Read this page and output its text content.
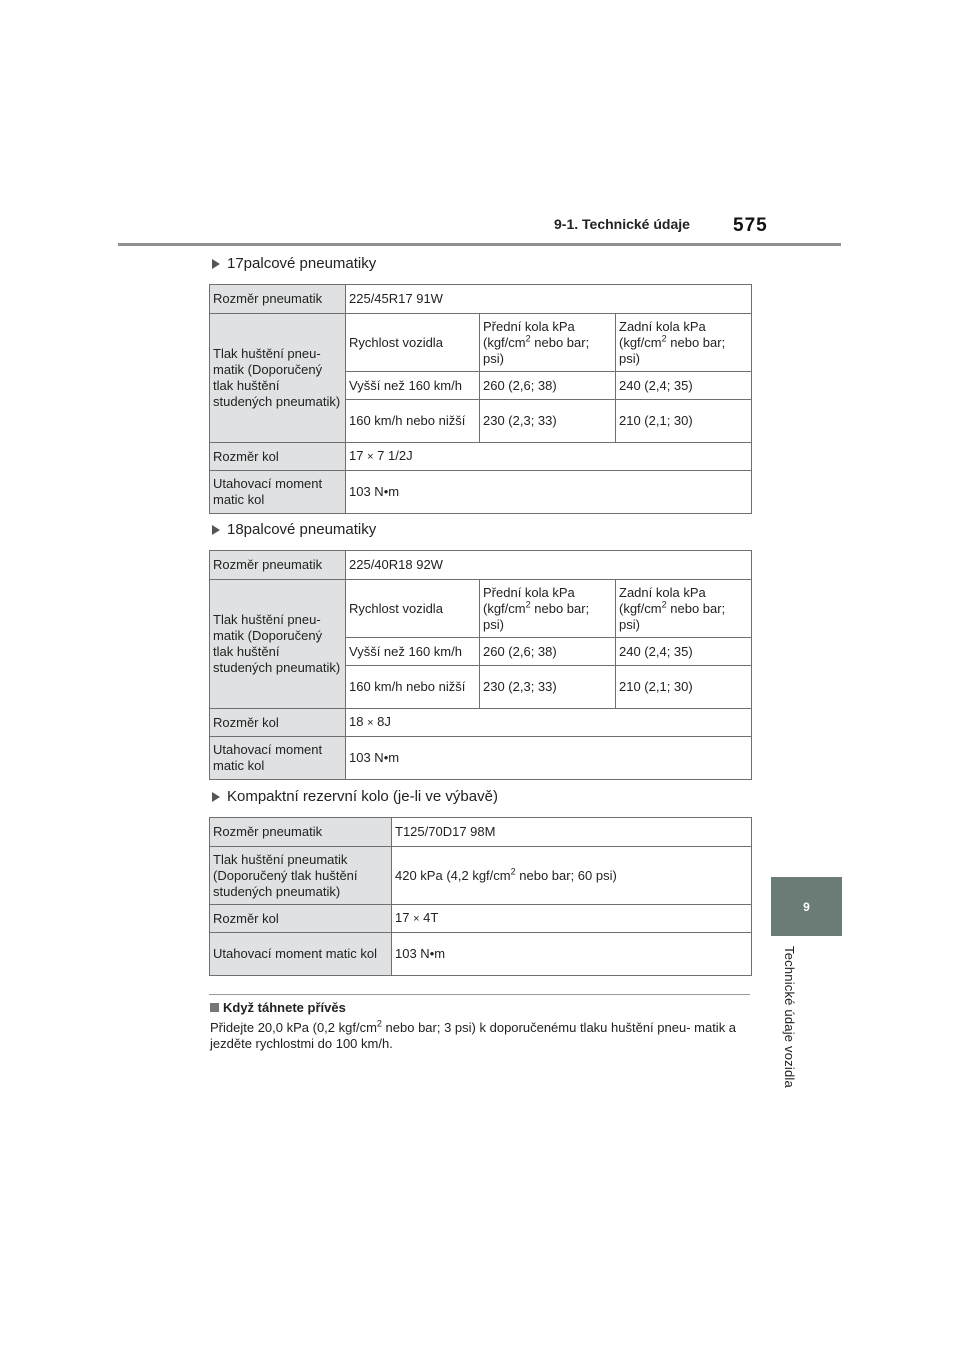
9-1. Technické údaje 575
9
Technické údaje vozidla
17palcové pneumatiky
Rozměr pneumatik	225/45R17 91W		
Tlak huštění pneu- matik (Doporučený tlak huštění studených pneumatik)	Rychlost vozidla	Přední kola kPa ($kgf/cm^2$ nebo bar; psi)	Zadní kola kPa ($kgf/cm^2$ nebo bar; psi)
	Vyšší než 160 km/h	260 (2,6; 38)	240 (2,4; 35)
	160 km/h nebo nižší	230 (2,3; 33)	210 (2,1; 30)
Rozměr kol	17 × 7 1/2J		
Utahovací moment matic kol	103 N•m		
18palcové pneumatiky
Rozměr pneumatik	225/40R18 92W		
Tlak huštění pneu- matik (Doporučený tlak huštění studených pneumatik)	Rychlost vozidla	Přední kola kPa ($kgf/cm^2$ nebo bar; psi)	Zadní kola kPa ($kgf/cm^2$ nebo bar; psi)
	Vyšší než 160 km/h	260 (2,6; 38)	240 (2,4; 35)
	160 km/h nebo nižší	230 (2,3; 33)	210 (2,1; 30)
Rozměr kol	18 × 8J		
Utahovací moment matic kol	103 N•m		
Kompaktní rezervní kolo (je-li ve výbavě)
Rozměr pneumatik	T125/70D17 98M
Tlak huštění pneumatik (Doporučený tlak huštění studených pneumatik)	420 kPa (4,2 kgf/$cm^2$ nebo bar; 60 psi)
Rozměr kol	17 × 4T
Utahovací moment matic kol	103 N•m
Když táhnete přívěs
Přidejte 20,0 kPa (0,2 kgf/$cm^2$ nebo bar; 3 psi) k doporučenému tlaku huštění pneu- matik a jezděte rychlostmi do 100 km/h.
